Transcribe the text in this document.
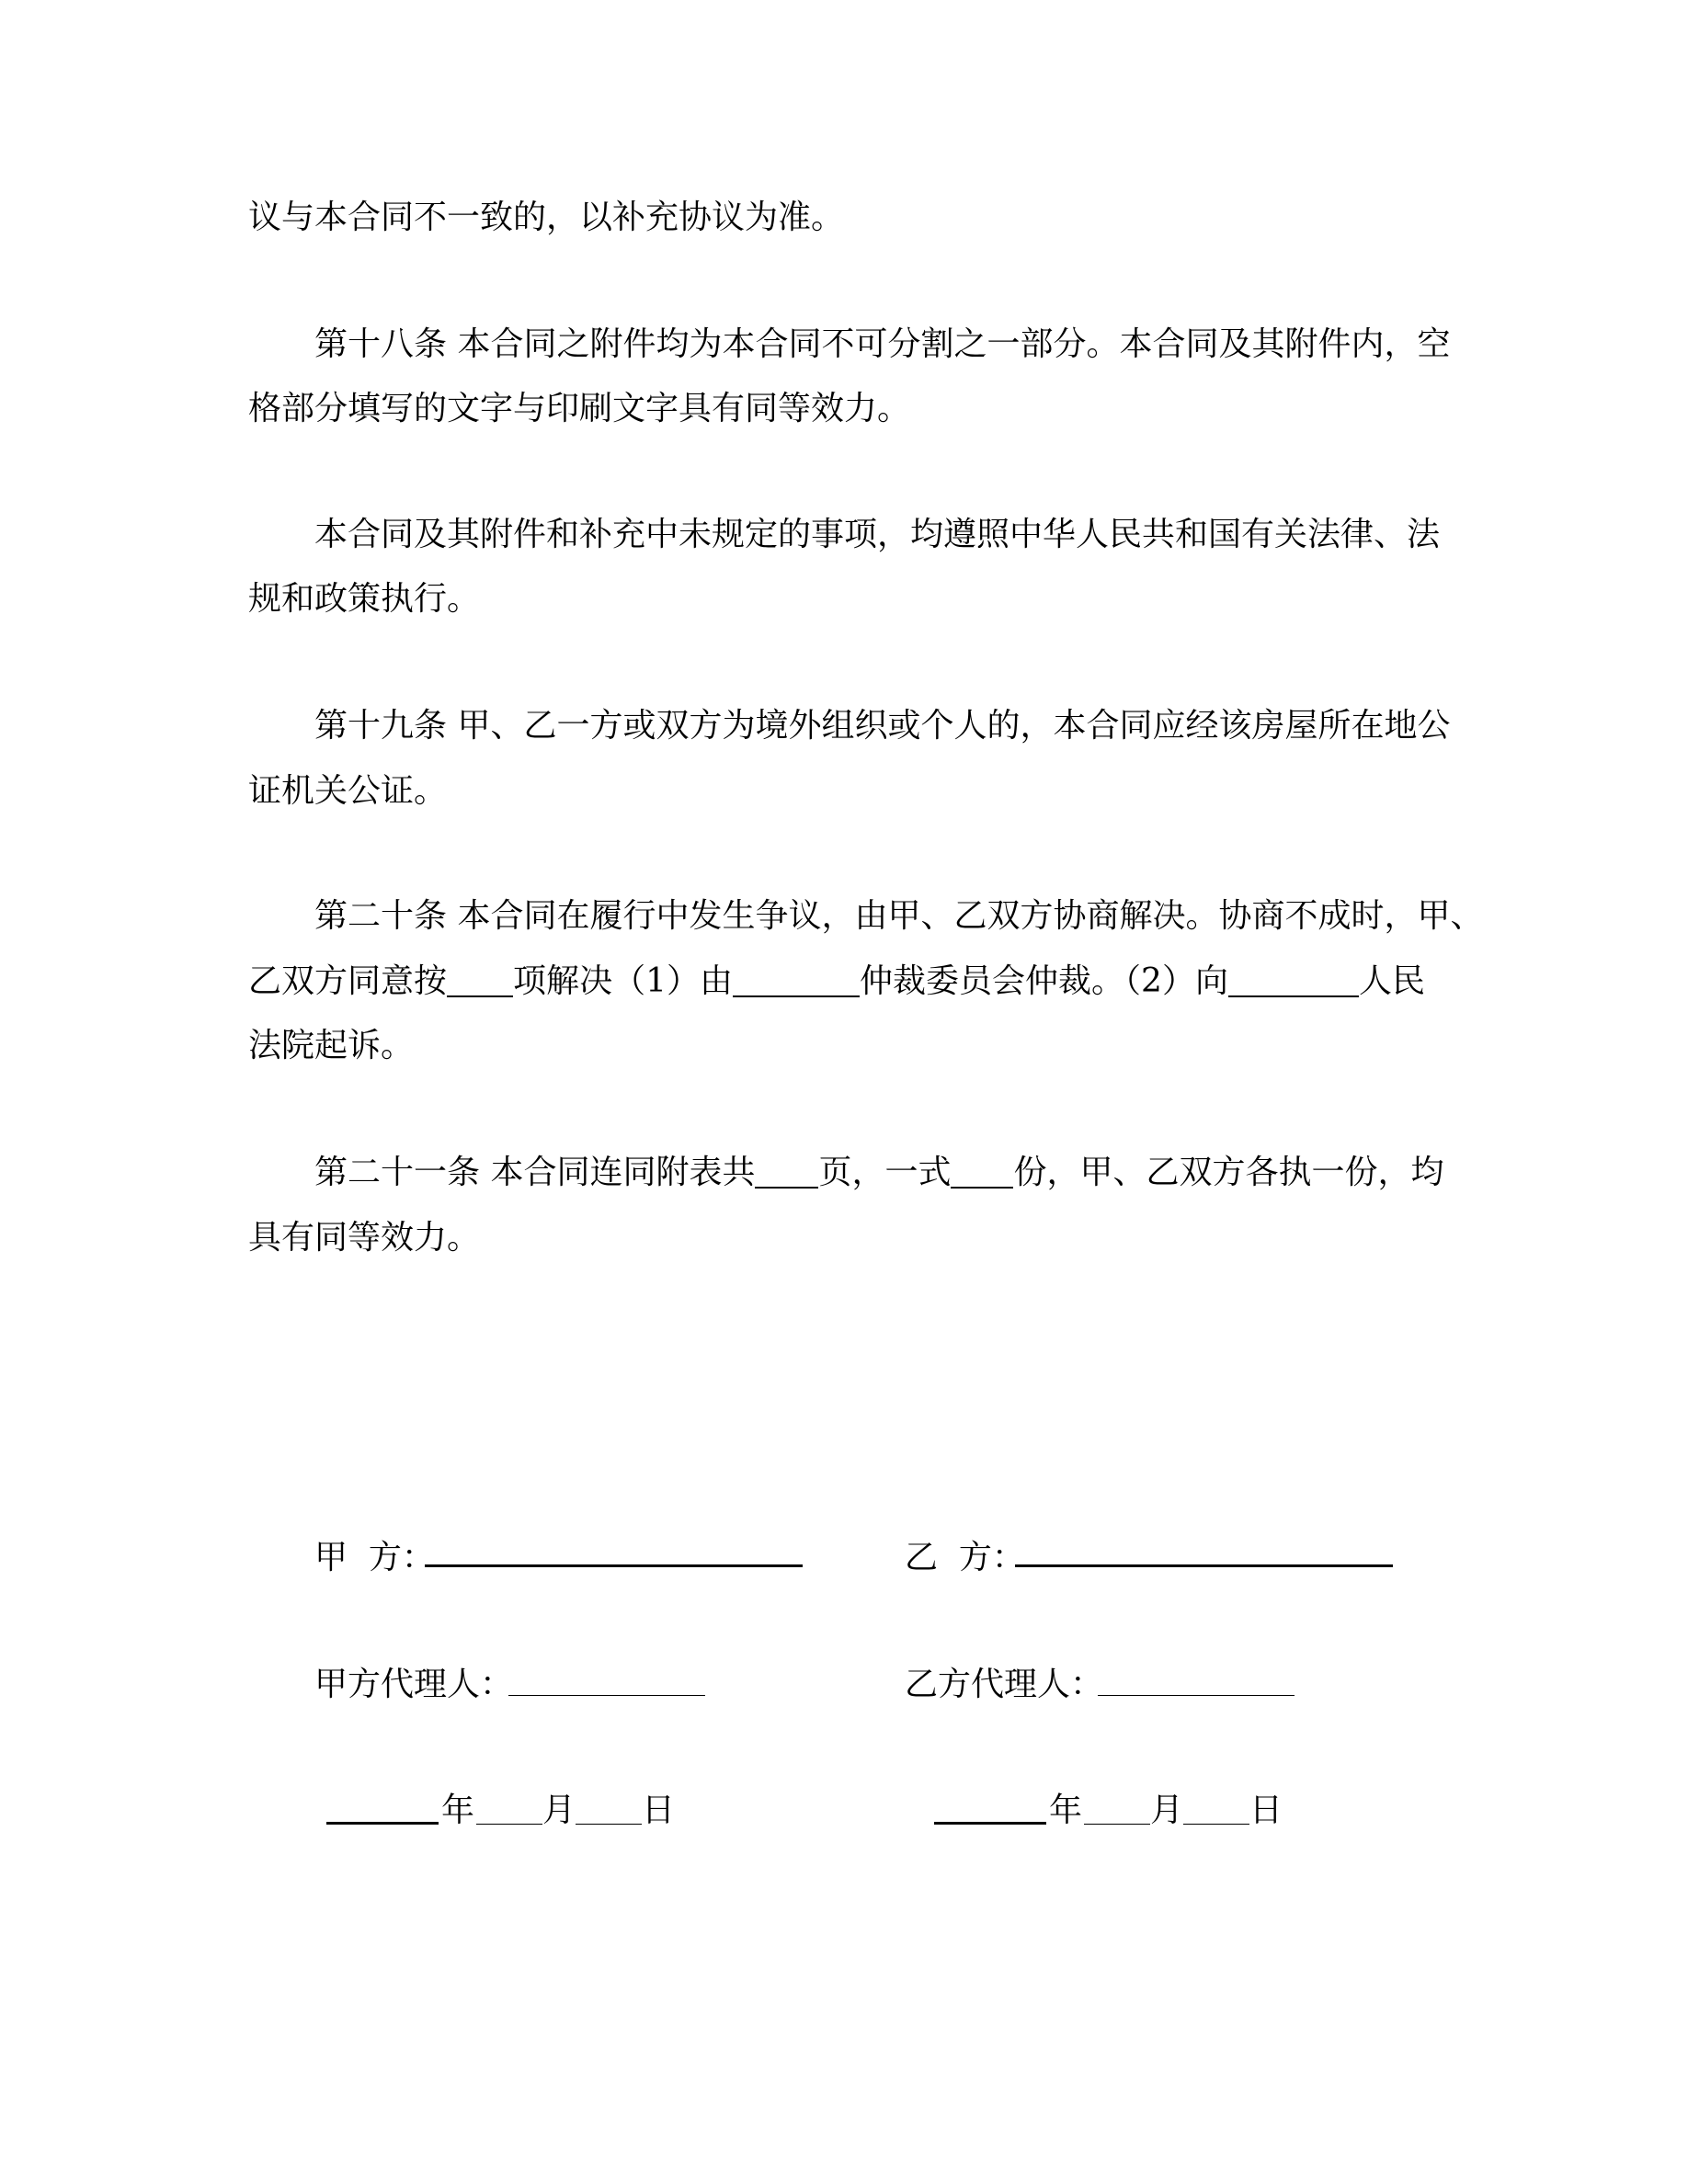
议与本合同不一致的，以补充协议为准。
第十八条 本合同之附件均为本合同不可分割之一部分。本合同及其附件内，空
格部分填写的文字与印刷文字具有同等效力。
本合同及其附件和补充中未规定的事项，均遵照中华人民共和国有关法律、法
规和政策执行。
第十九条 甲、乙一方或双方为境外组织或个人的，本合同应经该房屋所在地公
证机关公证。
第二十条 本合同在履行中发生争议，由甲、乙双方协商解决。协商不成时，甲、
乙双方同意按 项解决（1）由	仲裁委员会仲裁。（2）向	人民
法院起诉。
第二十一条 本合同连同附表共 页，一式 份，甲、乙双方各执一份，均
具有同等效力。
甲  方：	乙  方：
甲方代理人：	乙方代理人：
年 月 日	年 月 日
